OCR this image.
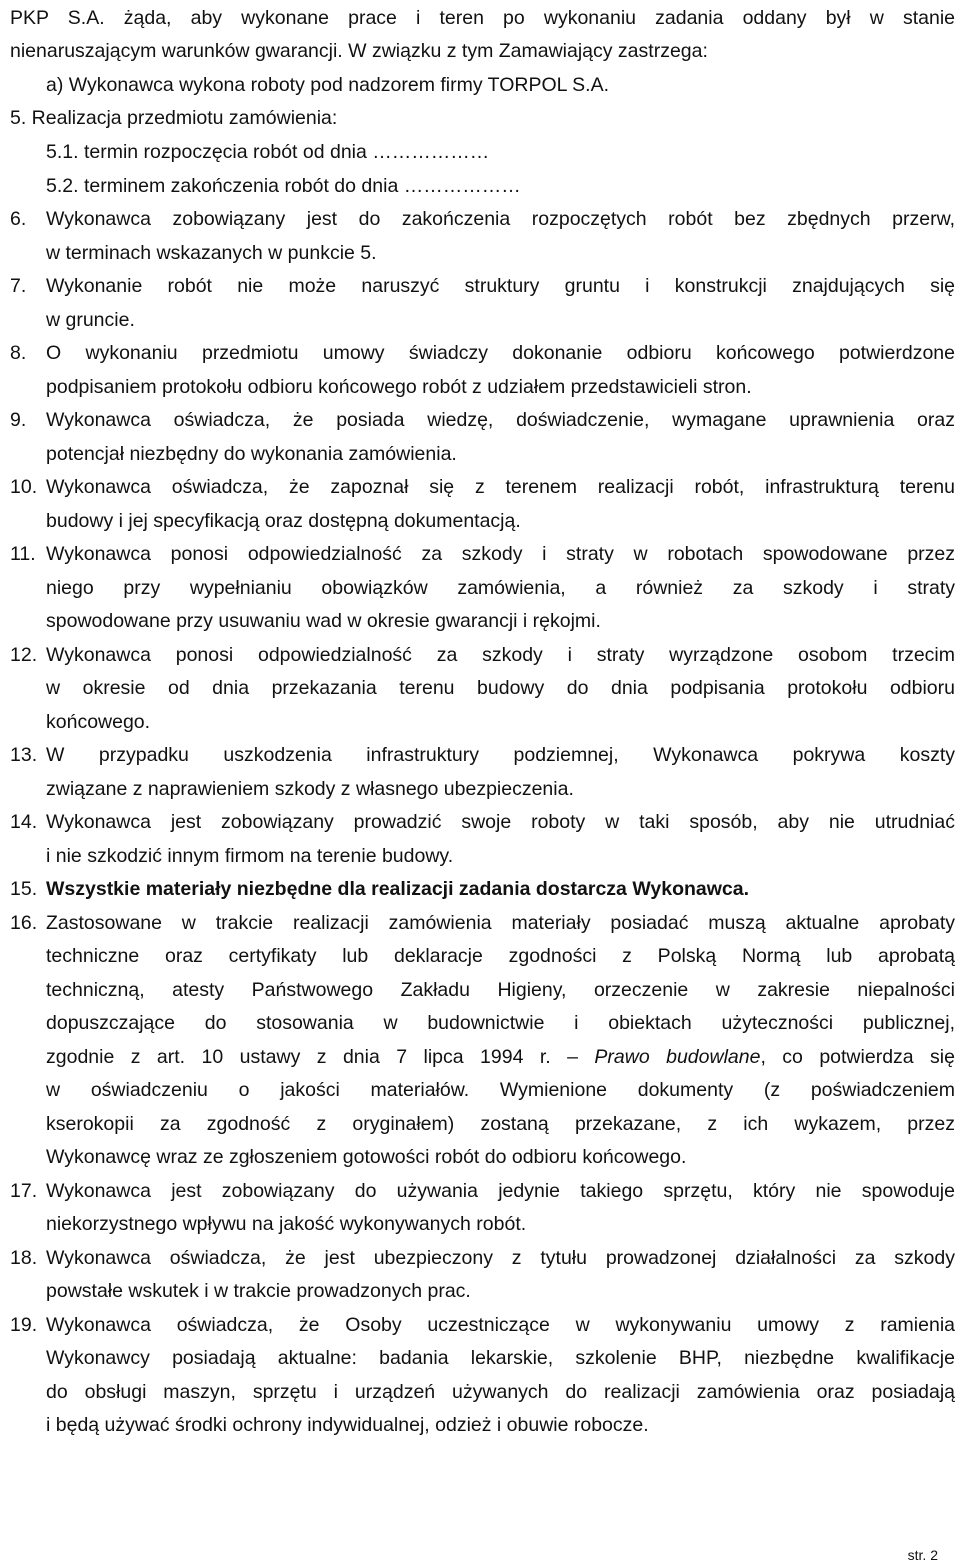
PKP S.A. żąda, aby wykonane prace i teren po wykonaniu zadania oddany był w stanie
nienaruszającym warunków gwarancji. W związku z tym Zamawiający zastrzega:
a) Wykonawca wykona roboty pod nadzorem firmy TORPOL S.A.
5. Realizacja przedmiotu zamówienia:
5.1. termin rozpoczęcia robót od dnia ………………
5.2. terminem zakończenia robót do dnia ………………
6. Wykonawca zobowiązany jest do zakończenia rozpoczętych robót bez zbędnych przerw,
w terminach wskazanych w punkcie 5.
7. Wykonanie robót nie może naruszyć struktury gruntu i konstrukcji znajdujących się
w gruncie.
8. O wykonaniu przedmiotu umowy świadczy dokonanie odbioru końcowego potwierdzone
podpisaniem protokołu odbioru końcowego robót z udziałem przedstawicieli stron.
9. Wykonawca oświadcza, że posiada wiedzę, doświadczenie, wymagane uprawnienia oraz
potencjał niezbędny do wykonania zamówienia.
10. Wykonawca oświadcza, że zapoznał się z terenem realizacji robót, infrastrukturą terenu
budowy i jej specyfikacją oraz dostępną dokumentacją.
11. Wykonawca ponosi odpowiedzialność za szkody i straty w robotach spowodowane przez
niego przy wypełnianiu obowiązków zamówienia, a również za szkody i straty
spowodowane przy usuwaniu wad w okresie gwarancji i rękojmi.
12. Wykonawca ponosi odpowiedzialność za szkody i straty wyrządzone osobom trzecim
w okresie od dnia przekazania terenu budowy do dnia podpisania protokołu odbioru
końcowego.
13. W przypadku uszkodzenia infrastruktury podziemnej, Wykonawca pokrywa koszty
związane z naprawieniem szkody z własnego ubezpieczenia.
14. Wykonawca jest zobowiązany prowadzić swoje roboty w taki sposób, aby nie utrudniać
i nie szkodzić innym firmom na terenie budowy.
15. Wszystkie materiały niezbędne dla realizacji zadania dostarcza Wykonawca.
16. Zastosowane w trakcie realizacji zamówienia materiały posiadać muszą aktualne aprobaty
techniczne oraz certyfikaty lub deklaracje zgodności z Polską Normą lub aprobatą
techniczną, atesty Państwowego Zakładu Higieny, orzeczenie w zakresie niepalności
dopuszczające do stosowania w budownictwie i obiektach użyteczności publicznej,
zgodnie z art. 10 ustawy z dnia 7 lipca 1994 r. – Prawo budowlane, co potwierdza się
w oświadczeniu o jakości materiałów. Wymienione dokumenty (z poświadczeniem
kserokopii za zgodność z oryginałem) zostaną przekazane, z ich wykazem, przez
Wykonawcę wraz ze zgłoszeniem gotowości robót do odbioru końcowego.
17. Wykonawca jest zobowiązany do używania jedynie takiego sprzętu, który nie spowoduje
niekorzystnego wpływu na jakość wykonywanych robót.
18. Wykonawca oświadcza, że jest ubezpieczony z tytułu prowadzonej działalności za szkody
powstałe wskutek i w trakcie prowadzonych prac.
19. Wykonawca oświadcza, że Osoby uczestniczące w wykonywaniu umowy z ramienia
Wykonawcy posiadają aktualne: badania lekarskie, szkolenie BHP, niezbędne kwalifikacje
do obsługi maszyn, sprzętu i urządzeń używanych do realizacji zamówienia oraz posiadają
i będą używać środki ochrony indywidualnej, odzież i obuwie robocze.
str. 2
